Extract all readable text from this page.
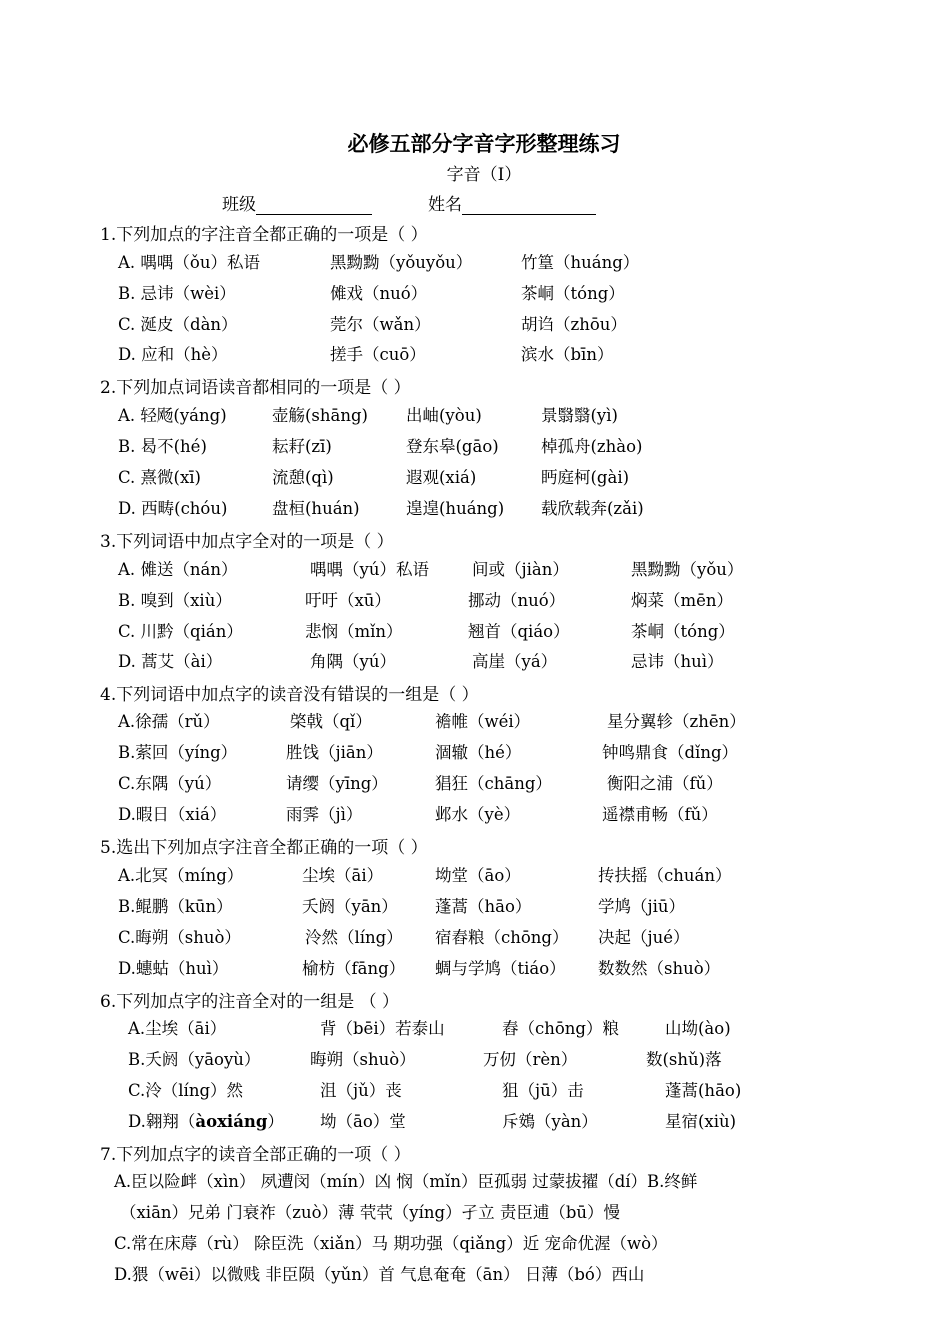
必修五部分字音字形整理练习
字音（Ⅰ）
班级	姓名
1.下列加点的字注音全都正确的一项是（ ）
A. 喁喁（ǒu）私语	黑黝黝（yǒuyǒu）	竹篁（huáng）
B. 忌讳（wèi）	傩戏（nuó）	茶峒（tóng）
C. 涎皮（dàn）	莞尔（wǎn）	胡诌（zhōu）
D. 应和（hè）	搓手（cuō）	滨水（bīn）
2.下列加点词语读音都相同的一项是（ ）
A. 轻飏(yáng)	壶觞(shāng) 出岫(yòu)	景翳翳(yì)
B. 曷不(hé)	耘耔(zī)	登东皋(gāo)	棹孤舟(zhào)
C. 熹微(xī)	流憩(qì)	遐观(xiá)	眄庭柯(gài)
D. 西畴(chóu)	盘桓(huán)	遑遑(huáng) 载欣载奔(zǎi)
3.下列词语中加点字全对的一项是（ ）
A. 傩送（nán）	喁喁（yú）私语	间或（jiàn）	黑黝黝（yǒu）
B. 嗅到（xiù）	吁吁（xū）	挪动（nuó）	焖菜（mēn）
C. 川黔（qián）	悲悯（mǐn）	翘首（qiáo）	茶峒（tóng）
D. 蒿艾（ài）	角隅（yú）	高崖（yá）	忌讳（huì）
4.下列词语中加点字的读音没有错误的一组是（ ）
A.徐孺（rǔ）	棨戟（qǐ）	襜帷（wéi）	星分翼轸（zhēn）
B.萦回（yíng）	胜饯（jiān）	涸辙（hé）	钟鸣鼎食（dǐng）
C.东隅（yú）	请缨（yīng）	猖狂（chāng）	衡阳之浦（fǔ）
D.暇日（xiá）	雨霁（jì）	邺水（yè）	遥襟甫畅（fǔ）
5.选出下列加点字注音全都正确的一项（ ）
A.北冥（míng）	尘埃（āi）	坳堂（āo）	抟扶摇（chuán）
B.鲲鹏（kūn）	夭阏（yān） 蓬蒿（hāo）	学鸠（jiū）
C.晦朔（shuò）	泠然（líng） 宿舂粮（chōng） 决起（jué）
D.蟪蛄（huì）	榆枋（fāng） 蜩与学鸠（tiáo） 数数然（shuò）
6.下列加点字的注音全对的一组是 （ ）
A.尘埃（āi）	背（bēi）若泰山	舂（chōng）粮	山坳(ào)
B.夭阏（yāoyù）	晦朔（shuò）	万仞（rèn）	数(shǔ)落
C.泠（líng）然	沮（jǔ）丧	狙（jū）击	蓬蒿(hāo)
D.翱翔（àoxiáng） 坳（āo）堂	斥鴳（yàn）	星宿(xiù)
7.下列加点字的读音全部正确的一项（ ）
A.臣以险衅（xìn） 夙遭闵（mín）凶 悯（mǐn）臣孤弱 过蒙拔擢（dí）B.终鲜
（xiān）兄弟 门衰祚（zuò）薄 茕茕（yíng）孑立 责臣逋（bū）慢
C.常在床蓐（rù） 除臣洗（xiǎn）马 期功强（qiǎng）近 宠命优渥（wò）
D.猥（wēi）以微贱 非臣陨（yǔn）首 气息奄奄（ān） 日薄（bó）西山
